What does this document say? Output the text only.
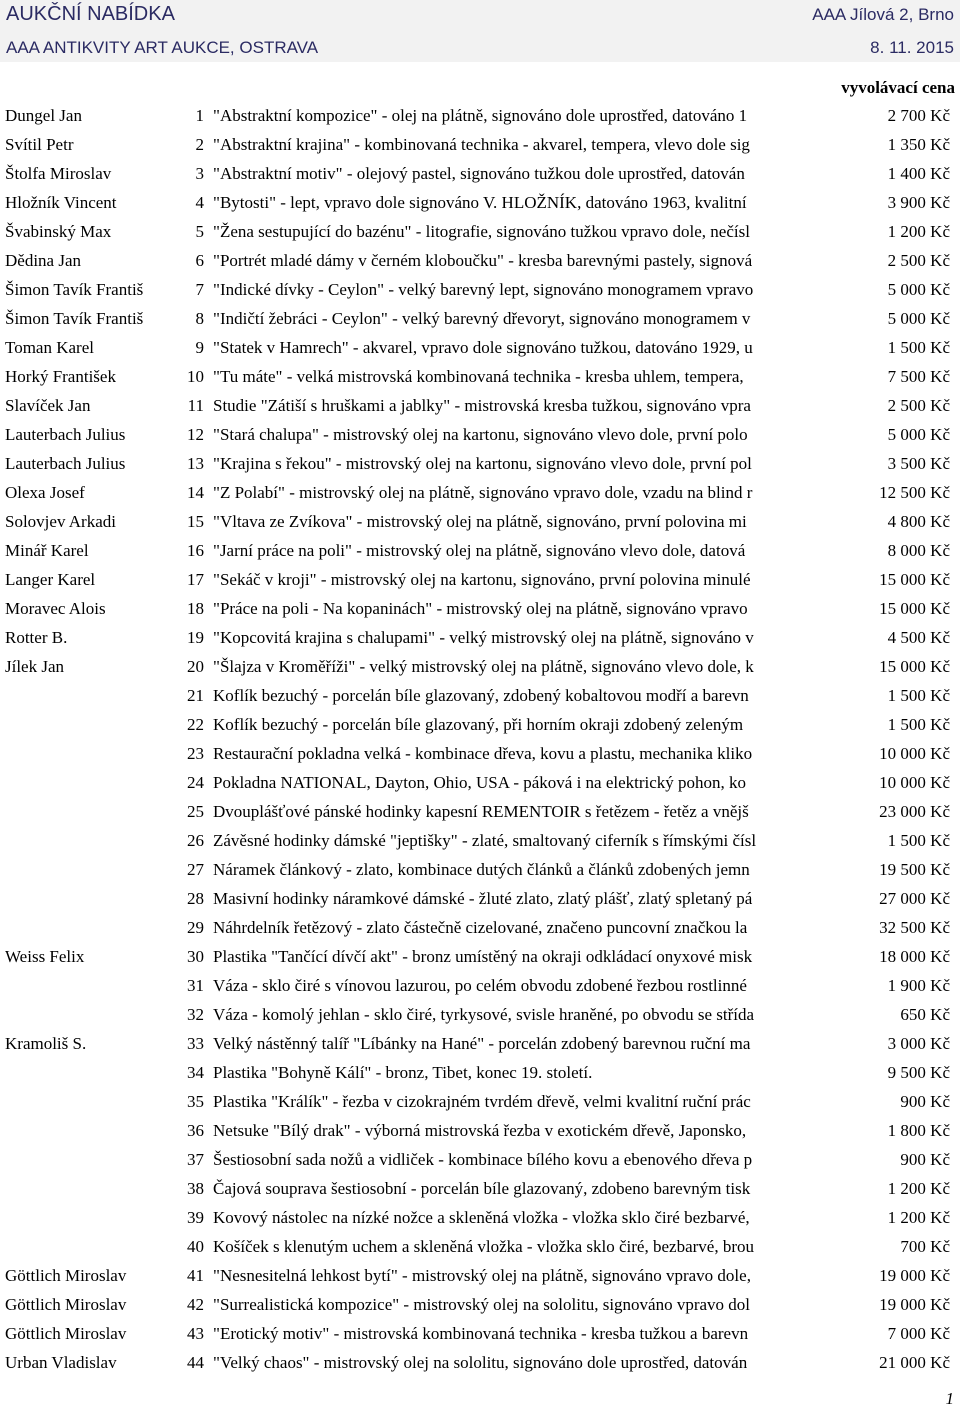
AUKČNÍ NABÍDKA	AAA Jílová 2, Brno
AAA ANTIKVITY ART AUKCE, OSTRAVA	8. 11. 2015
vyvolávací cena
Dungel Jan	1 "Abstraktní kompozice" - olej na plátně, signováno dole uprostřed, datováno 1	2 700 Kč
Svítil Petr	2 "Abstraktní krajina" - kombinovaná technika - akvarel, tempera, vlevo dole sig	1 350 Kč
Štolfa Miroslav	3 "Abstraktní motiv" - olejový pastel, signováno tužkou dole uprostřed, datován	1 400 Kč
Hložník Vincent	4 "Bytosti" - lept, vpravo dole signováno V. HLOŽNÍK, datováno 1963, kvalitní	3 900 Kč
Švabinský Max	5 "Žena sestupující do bazénu" - litografie, signováno tužkou vpravo dole, nečísl	1 200 Kč
Dědina Jan	6 "Portrét mladé dámy v černém kloboučku" - kresba barevnými pastely, signová	2 500 Kč
Šimon Tavík Františ	7 "Indické dívky - Ceylon" - velký barevný lept, signováno monogramem vpravo	5 000 Kč
Šimon Tavík Františ	8 "Indičtí žebráci - Ceylon" - velký barevný dřevoryt, signováno monogramem v	5 000 Kč
Toman Karel	9 "Statek v Hamrech" - akvarel, vpravo dole signováno tužkou, datováno 1929, u	1 500 Kč
Horký František	10 "Tu máte" - velká mistrovská kombinovaná technika - kresba uhlem, tempera,	7 500 Kč
Slavíček Jan	11 Studie "Zátiší s hruškami a jablky" - mistrovská kresba tužkou, signováno vpra	2 500 Kč
Lauterbach Julius	12 "Stará chalupa" - mistrovský olej na kartonu, signováno vlevo dole, první polo	5 000 Kč
Lauterbach Julius	13 "Krajina s řekou" - mistrovský olej na kartonu, signováno vlevo dole, první pol	3 500 Kč
Olexa Josef	14 "Z Polabí" - mistrovský olej na plátně, signováno vpravo dole, vzadu na blind r	12 500 Kč
Solovjev Arkadi	15 "Vltava ze Zvíkova" - mistrovský olej na plátně, signováno, první polovina mi	4 800 Kč
Minář Karel	16 "Jarní práce na poli" - mistrovský olej na plátně, signováno vlevo dole, datová	8 000 Kč
Langer Karel	17 "Sekáč v kroji" - mistrovský olej na kartonu, signováno, první polovina minulé	15 000 Kč
Moravec Alois	18 "Práce na poli - Na kopaninách" - mistrovský olej na plátně, signováno vpravo	15 000 Kč
Rotter B.	19 "Kopcovitá krajina s chalupami" - velký mistrovský olej na plátně, signováno v	4 500 Kč
Jílek Jan	20 "Šlajza v Kroměříži" - velký mistrovský olej na plátně, signováno vlevo dole, k	15 000 Kč
21 Koflík bezuchý - porcelán bíle glazovaný, zdobený kobaltovou modří a barevn	1 500 Kč
22 Koflík bezuchý - porcelán bíle glazovaný, při horním okraji zdobený zeleným	1 500 Kč
23 Restaurační pokladna velká - kombinace dřeva, kovu a plastu, mechanika kliko	10 000 Kč
24 Pokladna NATIONAL, Dayton, Ohio, USA - páková i na elektrický pohon, ko	10 000 Kč
25 Dvouplášťové pánské hodinky kapesní REMENTOIR s řetězem - řetěz a vnějš	23 000 Kč
26 Závěsné hodinky dámské "jeptišky" - zlaté, smaltovaný ciferník s římskými čísl	1 500 Kč
27 Náramek článkový - zlato, kombinace dutých článků a článků zdobených jemn	19 500 Kč
28 Masivní hodinky náramkové dámské - žluté zlato, zlatý plášť, zlatý spletaný pá	27 000 Kč
29 Náhrdelník řetězový - zlato částečně cizelované, značeno puncovní značkou la	32 500 Kč
Weiss Felix	30 Plastika "Tančící dívčí akt" - bronz umístěný na okraji odkládací onyxové misk	18 000 Kč
31 Váza - sklo čiré s vínovou lazurou, po celém obvodu zdobené řezbou rostlinné	1 900 Kč
32 Váza - komolý jehlan - sklo čiré, tyrkysové, svisle hraněné, po obvodu se střída	650 Kč
Kramoliš S.	33 Velký nástěnný talíř "Líbánky na Hané" - porcelán zdobený barevnou ruční ma	3 000 Kč
34 Plastika "Bohyně Kálí" - bronz, Tibet, konec 19. století.	9 500 Kč
35 Plastika "Králík" - řezba v cizokrajném tvrdém dřevě, velmi kvalitní ruční prác	900 Kč
36 Netsuke "Bílý drak" - výborná mistrovská řezba v exotickém dřevě, Japonsko,	1 800 Kč
37 Šestiosobní sada nožů a vidliček - kombinace bílého kovu a ebenového dřeva p	900 Kč
38 Čajová souprava šestiosobní - porcelán bíle glazovaný, zdobeno barevným tisk	1 200 Kč
39 Kovový nástolec na nízké nožce a skleněná vložka - vložka sklo čiré bezbarvé,	1 200 Kč
40 Košíček s klenutým uchem a skleněná vložka - vložka sklo čiré, bezbarvé, brou	700 Kč
Göttlich Miroslav	41 "Nesnesitelná lehkost bytí" - mistrovský olej na plátně, signováno vpravo dole,	19 000 Kč
Göttlich Miroslav	42 "Surrealistická kompozice" - mistrovský olej na sololitu, signováno vpravo dol	19 000 Kč
Göttlich Miroslav	43 "Erotický motiv" - mistrovská kombinovaná technika - kresba tužkou a barevn	7 000 Kč
Urban Vladislav	44 "Velký chaos" - mistrovský olej na sololitu, signováno dole uprostřed, datován	21 000 Kč
1
